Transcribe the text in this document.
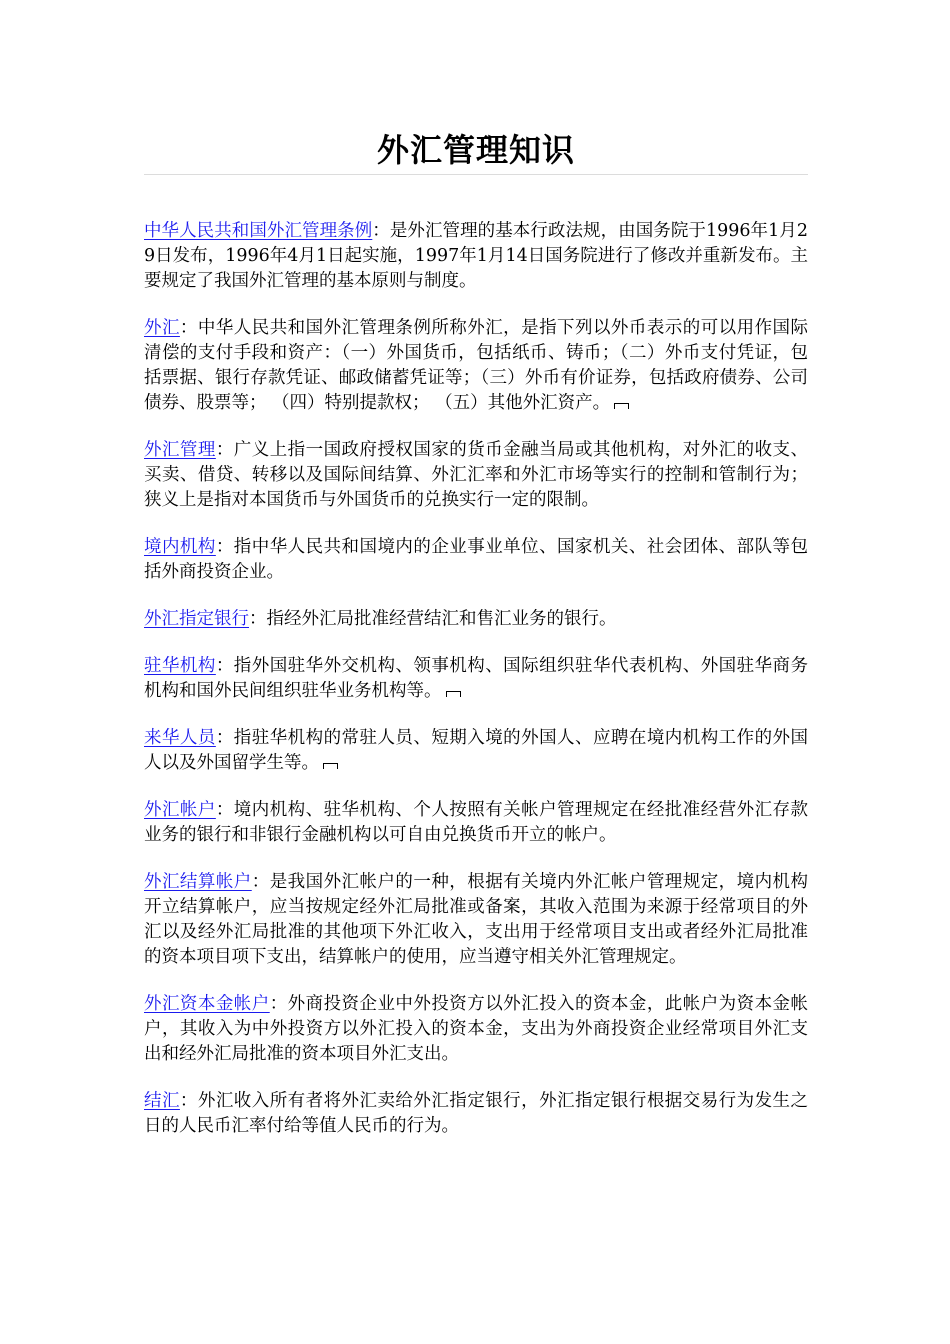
外汇管理知识

中华人民共和国外汇管理条例：是外汇管理的基本行政法规，由国务院于1996年1月29日发布，1996年4月1日起实施，1997年1月14日国务院进行了修改并重新发布。主要规定了我国外汇管理的基本原则与制度。

外汇：中华人民共和国外汇管理条例所称外汇，是指下列以外币表示的可以用作国际清偿的支付手段和资产：（一）外国货币，包括纸币、铸币；（二）外币支付凭证，包括票据、银行存款凭证、邮政储蓄凭证等；（三）外币有价证券，包括政府债券、公司债券、股票等； （四）特别提款权； （五）其他外汇资产。

外汇管理：广义上指一国政府授权国家的货币金融当局或其他机构，对外汇的收支、买卖、借贷、转移以及国际间结算、外汇汇率和外汇市场等实行的控制和管制行为；狭义上是指对本国货币与外国货币的兑换实行一定的限制。

境内机构：指中华人民共和国境内的企业事业单位、国家机关、社会团体、部队等包括外商投资企业。

外汇指定银行：指经外汇局批准经营结汇和售汇业务的银行。

驻华机构：指外国驻华外交机构、领事机构、国际组织驻华代表机构、外国驻华商务机构和国外民间组织驻华业务机构等。

来华人员：指驻华机构的常驻人员、短期入境的外国人、应聘在境内机构工作的外国人以及外国留学生等。

外汇帐户：境内机构、驻华机构、个人按照有关帐户管理规定在经批准经营外汇存款业务的银行和非银行金融机构以可自由兑换货币开立的帐户。

外汇结算帐户：是我国外汇帐户的一种，根据有关境内外汇帐户管理规定，境内机构开立结算帐户，应当按规定经外汇局批准或备案，其收入范围为来源于经常项目的外汇以及经外汇局批准的其他项下外汇收入，支出用于经常项目支出或者经外汇局批准的资本项目项下支出，结算帐户的使用，应当遵守相关外汇管理规定。

外汇资本金帐户：外商投资企业中外投资方以外汇投入的资本金，此帐户为资本金帐户，其收入为中外投资方以外汇投入的资本金，支出为外商投资企业经常项目外汇支出和经外汇局批准的资本项目外汇支出。

结汇：外汇收入所有者将外汇卖给外汇指定银行，外汇指定银行根据交易行为发生之日的人民币汇率付给等值人民币的行为。
